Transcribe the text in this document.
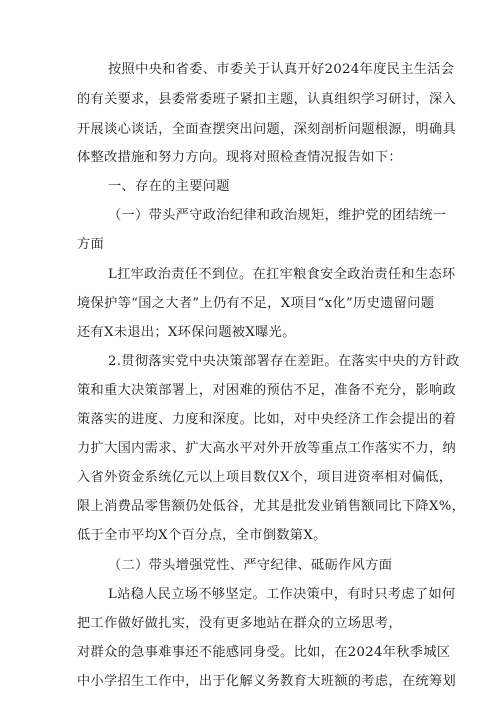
按照中央和省委、市委关于认真开好2024年度民主生活会
的有关要求，县委常委班子紧扣主题，认真组织学习研讨，深入
开展谈心谈话，全面查摆突出问题，深刻剖析问题根源，明确具
体整改措施和努力方向。现将对照检查情况报告如下：
一、存在的主要问题
（一）带头严守政治纪律和政治规矩，维护党的团结统一
方面
L扛牢政治责任不到位。在扛牢粮食安全政治责任和生态环
境保护等“国之大者”上仍有不足，X项目“x化”历史遗留问题
还有X未退出；X环保问题被X曝光。
2.贯彻落实党中央决策部署存在差距。在落实中央的方针政
策和重大决策部署上，对困难的预估不足，准备不充分，影响政
策落实的进度、力度和深度。比如，对中央经济工作会提出的着
力扩大国内需求、扩大高水平对外开放等重点工作落实不力，纳
入省外资金系统亿元以上项目数仅X个，项目进资率相对偏低，
限上消费品零售额仍处低谷，尤其是批发业销售额同比下降X%，
低于全市平均X个百分点，全市倒数第X。
（二）带头增强党性、严守纪律、砥砺作风方面
L站稳人民立场不够坚定。工作决策中，有时只考虑了如何
把工作做好做扎实，没有更多地站在群众的立场思考，
对群众的急事难事还不能感同身受。比如，在2024年秋季城区
中小学招生工作中，出于化解义务教育大班额的考虑，在统筹划
